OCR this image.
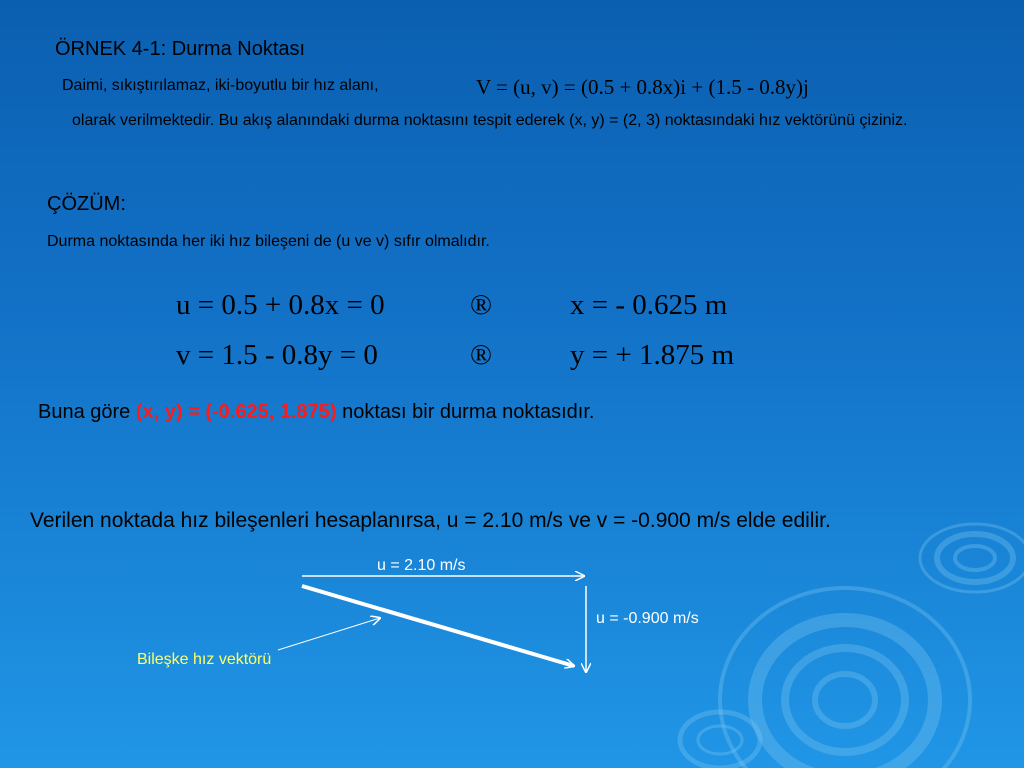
ÖRNEK 4-1: Durma Noktası
Daimi, sıkıştırılamaz, iki-boyutlu bir hız alanı,	V = (u, v) = (0.5 + 0.8x)i + (1.5 - 0.8y)j
olarak verilmektedir. Bu akış alanındaki durma noktasını tespit ederek (x, y) = (2, 3) noktasındaki hız vektörünü çiziniz.
ÇÖZÜM:
Durma noktasında her iki hız bileşeni de (u ve v) sıfır olmalıdır.
u = 0.5 + 0.8x = 0	®	x = - 0.625 m
v = 1.5 - 0.8y = 0	®	y = + 1.875 m
Buna göre (x, y) = (-0.625, 1.875) noktası bir durma noktasıdır.
Verilen noktada hız bileşenleri hesaplanırsa, u = 2.10 m/s ve v = -0.900 m/s elde edilir.
u = 2.10 m/s
u = -0.900 m/s
Bileşke hız vektörü
